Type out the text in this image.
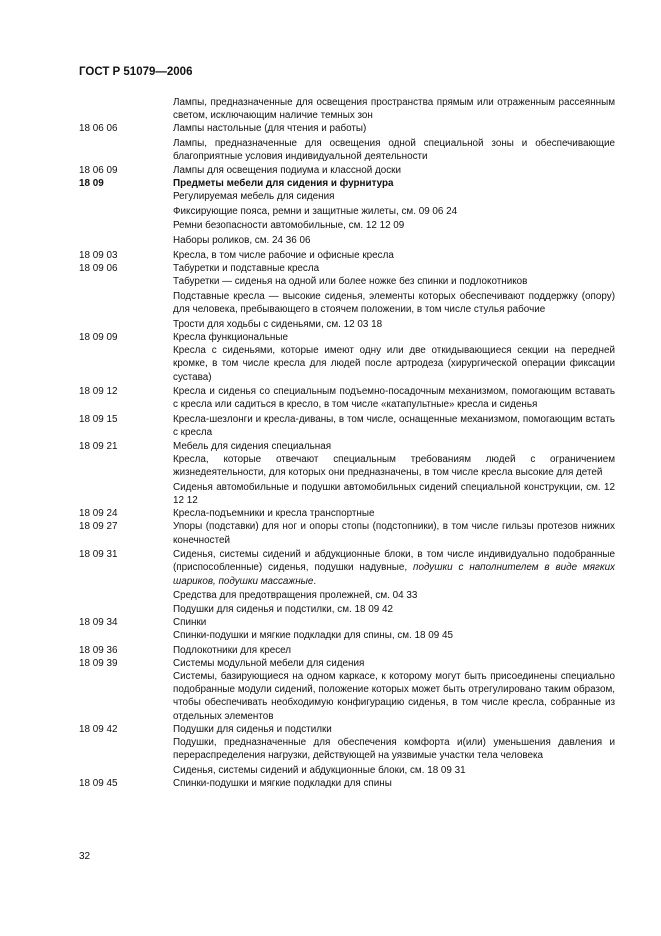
ГОСТ Р 51079—2006
Лампы, предназначенные для освещения пространства прямым или отраженным рассеянным светом, исключающим наличие темных зон
18 06 06	Лампы настольные (для чтения и работы)
Лампы, предназначенные для освещения одной специальной зоны и обеспечивающие благоприятные условия индивидуальной деятельности
18 06 09	Лампы для освещения подиума и классной доски
18 09	Предметы мебели для сидения и фурнитура
Регулируемая мебель для сидения
Фиксирующие пояса, ремни и защитные жилеты, см. 09 06 24
Ремни безопасности автомобильные, см. 12 12 09
Наборы роликов, см. 24 36 06
18 09 03	Кресла, в том числе рабочие и офисные кресла
18 09 06	Табуретки и подставные кресла
Табуретки — сиденья на одной или более ножке без спинки и подлокотников
Подставные кресла — высокие сиденья, элементы которых обеспечивают поддержку (опору) для человека, пребывающего в стоячем положении, в том числе стулья рабочие
Трости для ходьбы с сиденьями, см. 12 03 18
18 09 09	Кресла функциональные
Кресла с сиденьями, которые имеют одну или две откидывающиеся секции на передней кромке, в том числе кресла для людей после артродеза (хирургической операции фиксации сустава)
18 09 12	Кресла и сиденья со специальным подъемно-посадочным механизмом, помогающим вставать с кресла или садиться в кресло, в том числе «катапультные» кресла и сиденья
18 09 15	Кресла-шезлонги и кресла-диваны, в том числе, оснащенные механизмом, помогающим встать с кресла
18 09 21	Мебель для сидения специальная
Кресла, которые отвечают специальным требованиям людей с ограничением жизнедеятельности, для которых они предназначены, в том числе кресла высокие для детей
Сиденья автомобильные и подушки автомобильных сидений специальной конструкции, см. 12 12 12
18 09 24	Кресла-подъемники и кресла транспортные
18 09 27	Упоры (подставки) для ног и опоры стопы (подстопники), в том числе гильзы протезов нижних конечностей
18 09 31	Сиденья, системы сидений и абдукционные блоки, в том числе индивидуально подобранные (приспособленные) сиденья, подушки надувные, подушки с наполнителем в виде мягких шариков, подушки массажные.
Средства для предотвращения пролежней, см. 04 33
Подушки для сиденья и подстилки, см. 18 09 42
18 09 34	Спинки
Спинки-подушки и мягкие подкладки для спины, см. 18 09 45
18 09 36	Подлокотники для кресел
18 09 39	Системы модульной мебели для сидения
Системы, базирующиеся на одном каркасе, к которому могут быть присоединены специально подобранные модули сидений, положение которых может быть отрегулировано таким образом, чтобы обеспечивать необходимую конфигурацию сиденья, в том числе кресла, собранные из отдельных элементов
18 09 42	Подушки для сиденья и подстилки
Подушки, предназначенные для обеспечения комфорта и(или) уменьшения давления и перераспределения нагрузки, действующей на уязвимые участки тела человека
Сиденья, системы сидений и абдукционные блоки, см. 18 09 31
18 09 45	Спинки-подушки и мягкие подкладки для спины
32
